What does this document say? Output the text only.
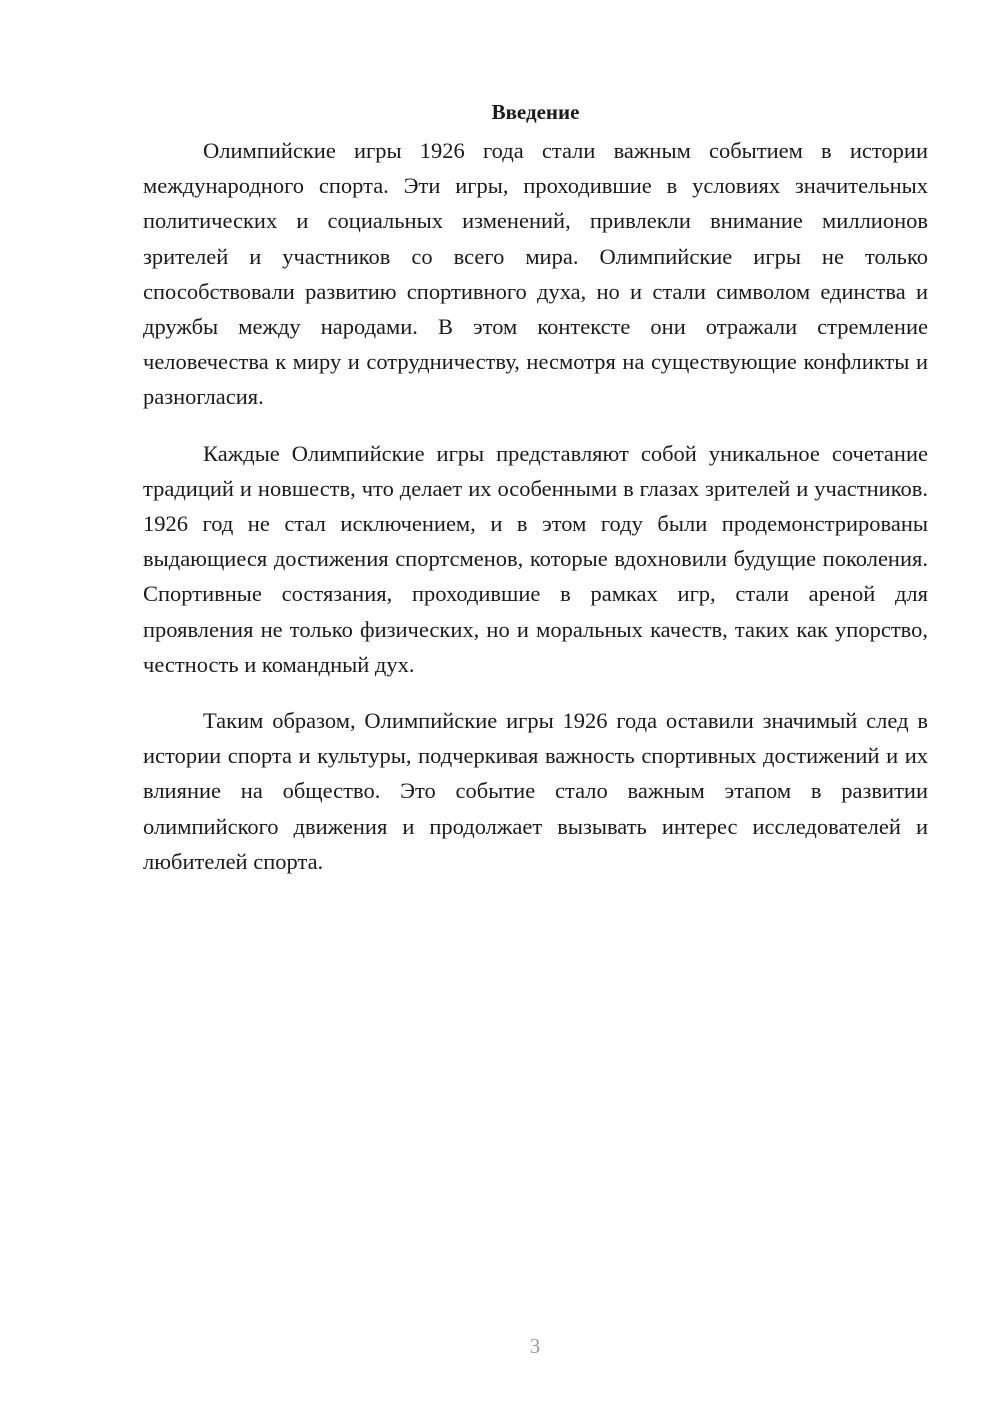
Введение

Олимпийские игры 1926 года стали важным событием в истории международного спорта. Эти игры, проходившие в условиях значительных политических и социальных изменений, привлекли внимание миллионов зрителей и участников со всего мира. Олимпийские игры не только способствовали развитию спортивного духа, но и стали символом единства и дружбы между народами. В этом контексте они отражали стремление человечества к миру и сотрудничеству, несмотря на существующие конфликты и разногласия.

Каждые Олимпийские игры представляют собой уникальное сочетание традиций и новшеств, что делает их особенными в глазах зрителей и участников. 1926 год не стал исключением, и в этом году были продемонстрированы выдающиеся достижения спортсменов, которые вдохновили будущие поколения. Спортивные состязания, проходившие в рамках игр, стали ареной для проявления не только физических, но и моральных качеств, таких как упорство, честность и командный дух.

Таким образом, Олимпийские игры 1926 года оставили значимый след в истории спорта и культуры, подчеркивая важность спортивных достижений и их влияние на общество. Это событие стало важным этапом в развитии олимпийского движения и продолжает вызывать интерес исследователей и любителей спорта.

3
